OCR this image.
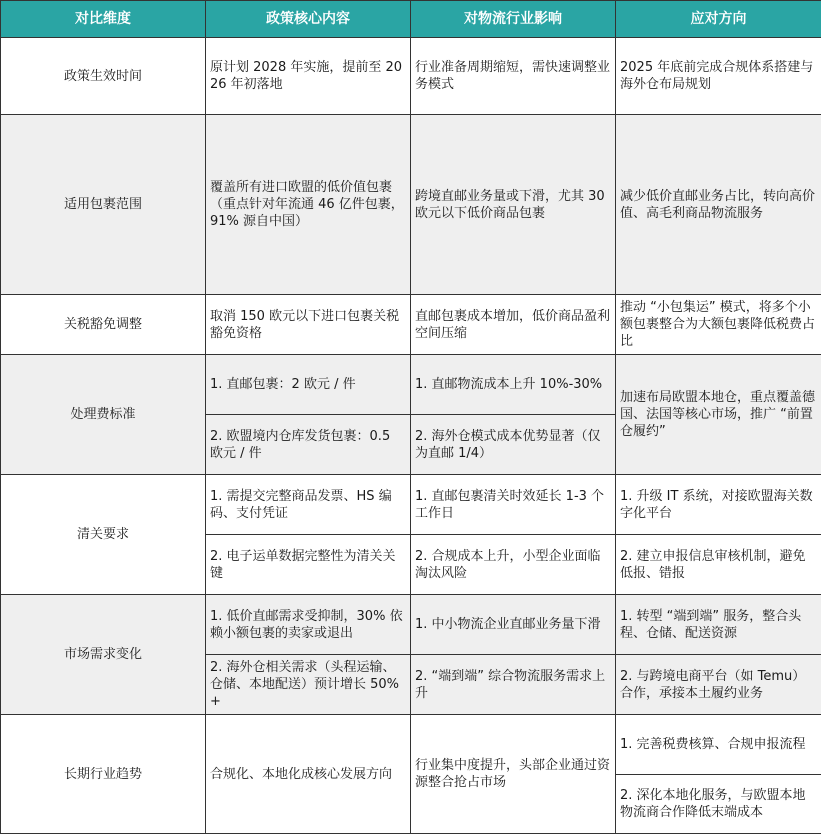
对比维度	政策核心内容	对物流行业影响	应对方向
政策生效时间	原计划 2028 年实施，提前至 2026 年初落地	行业准备周期缩短，需快速调整业务模式	2025 年底前完成合规体系搭建与海外仓布局规划
适用包裹范围	覆盖所有进口欧盟的低价值包裹（重点针对年流通 46 亿件包裹，91% 源自中国）	跨境直邮业务量或下滑，尤其 30 欧元以下低价商品包裹	减少低价直邮业务占比，转向高价值、高毛利商品物流服务
关税豁免调整	取消 150 欧元以下进口包裹关税豁免资格	直邮包裹成本增加，低价商品盈利空间压缩	推动 “小包集运” 模式，将多个小额包裹整合为大额包裹降低税费占比
处理费标准	1. 直邮包裹：2 欧元 / 件	1. 直邮物流成本上升 10%-30%	加速布局欧盟本地仓，重点覆盖德国、法国等核心市场，推广 “前置仓履约”
	2. 欧盟境内仓库发货包裹：0.5 欧元 / 件	2. 海外仓模式成本优势显著（仅为直邮 1/4）	
清关要求	1. 需提交完整商品发票、HS 编码、支付凭证	1. 直邮包裹清关时效延长 1-3 个工作日	1. 升级 IT 系统，对接欧盟海关数字化平台
	2. 电子运单数据完整性为清关关键	2. 合规成本上升，小型企业面临淘汰风险	2. 建立申报信息审核机制，避免低报、错报
市场需求变化	1. 低价直邮需求受抑制，30% 依赖小额包裹的卖家或退出	1. 中小物流企业直邮业务量下滑	1. 转型 “端到端” 服务，整合头程、仓储、配送资源
	2. 海外仓相关需求（头程运输、仓储、本地配送）预计增长 50%+	2. “端到端” 综合物流服务需求上升	2. 与跨境电商平台（如 Temu）合作，承接本土履约业务
长期行业趋势	合规化、本地化成核心发展方向	行业集中度提升，头部企业通过资源整合抢占市场	1. 完善税费核算、合规申报流程
			2. 深化本地化服务，与欧盟本地物流商合作降低末端成本
